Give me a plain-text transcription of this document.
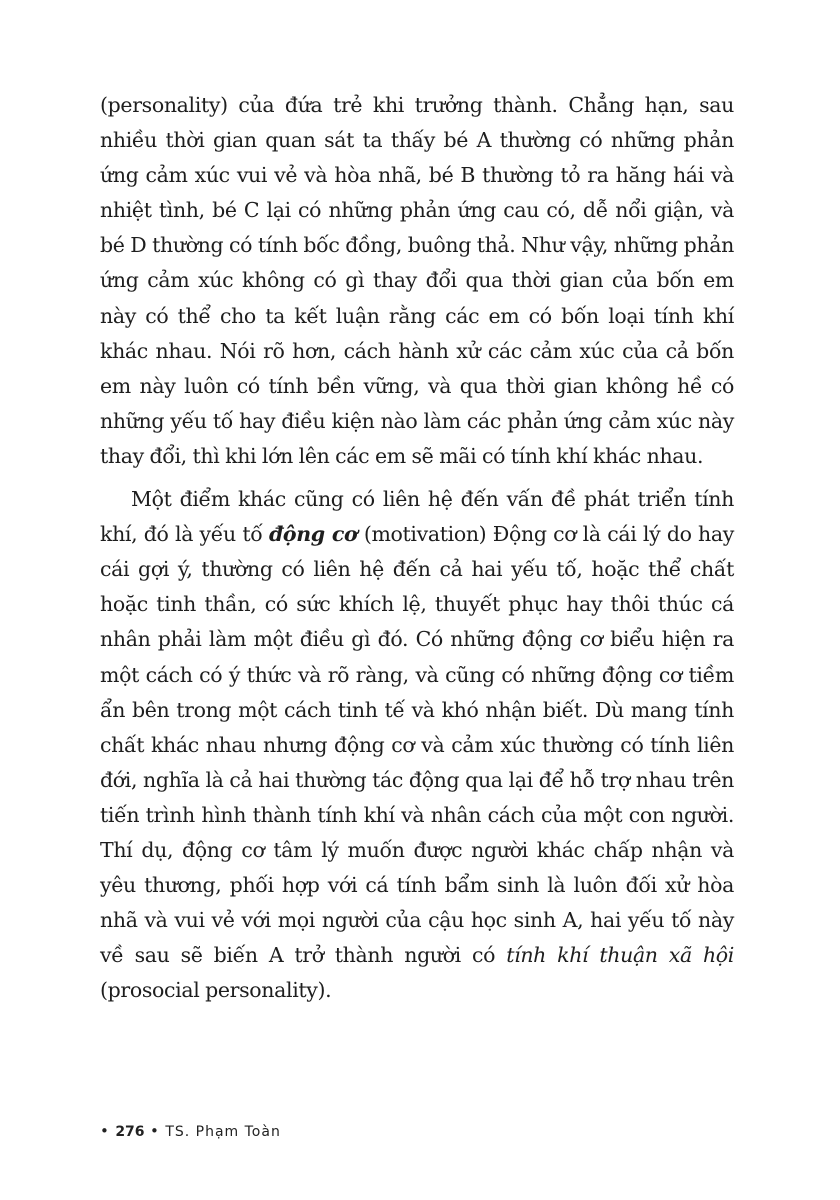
(personality) của đứa trẻ khi trưởng thành. Chẳng hạn, sau nhiều thời gian quan sát ta thấy bé A thường có những phản ứng cảm xúc vui vẻ và hòa nhã, bé B thường tỏ ra hăng hái và nhiệt tình, bé C lại có những phản ứng cau có, dễ nổi giận, và bé D thường có tính bốc đồng, buông thả. Như vậy, những phản ứng cảm xúc không có gì thay đổi qua thời gian của bốn em này có thể cho ta kết luận rằng các em có bốn loại tính khí khác nhau. Nói rõ hơn, cách hành xử các cảm xúc của cả bốn em này luôn có tính bền vững, và qua thời gian không hề có những yếu tố hay điều kiện nào làm các phản ứng cảm xúc này thay đổi, thì khi lớn lên các em sẽ mãi có tính khí khác nhau.

Một điểm khác cũng có liên hệ đến vấn đề phát triển tính khí, đó là yếu tố động cơ (motivation) Động cơ là cái lý do hay cái gợi ý, thường có liên hệ đến cả hai yếu tố, hoặc thể chất hoặc tinh thần, có sức khích lệ, thuyết phục hay thôi thúc cá nhân phải làm một điều gì đó. Có những động cơ biểu hiện ra một cách có ý thức và rõ ràng, và cũng có những động cơ tiềm ẩn bên trong một cách tinh tế và khó nhận biết. Dù mang tính chất khác nhau nhưng động cơ và cảm xúc thường có tính liên đới, nghĩa là cả hai thường tác động qua lại để hỗ trợ nhau trên tiến trình hình thành tính khí và nhân cách của một con người. Thí dụ, động cơ tâm lý muốn được người khác chấp nhận và yêu thương, phối hợp với cá tính bẩm sinh là luôn đối xử hòa nhã và vui vẻ với mọi người của cậu học sinh A, hai yếu tố này về sau sẽ biến A trở thành người có tính khí thuận xã hội (prosocial personality).

• 276 • TS. Phạm Toàn
